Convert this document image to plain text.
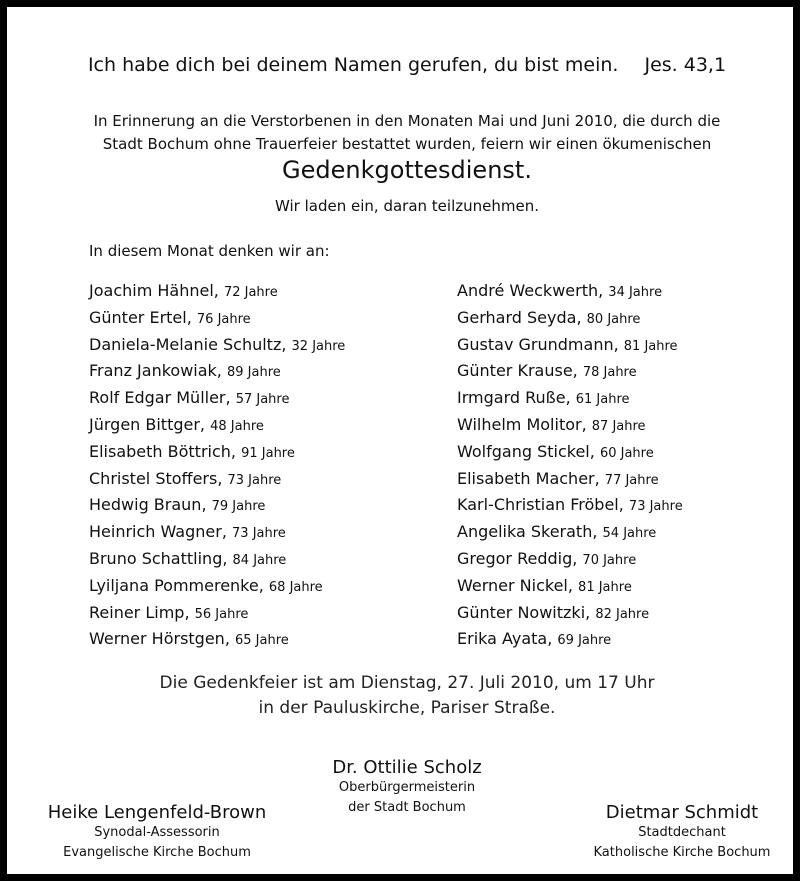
Ich habe dich bei deinem Namen gerufen, du bist mein. Jes. 43,1
In Erinnerung an die Verstorbenen in den Monaten Mai und Juni 2010, die durch die
Stadt Bochum ohne Trauerfeier bestattet wurden, feiern wir einen ökumenischen
Gedenkgottesdienst.
Wir laden ein, daran teilzunehmen.
In diesem Monat denken wir an:
Joachim Hähnel, 72 Jahre
Günter Ertel, 76 Jahre
Daniela-Melanie Schultz, 32 Jahre
Franz Jankowiak, 89 Jahre
Rolf Edgar Müller, 57 Jahre
Jürgen Bittger, 48 Jahre
Elisabeth Böttrich, 91 Jahre
Christel Stoffers, 73 Jahre
Hedwig Braun, 79 Jahre
Heinrich Wagner, 73 Jahre
Bruno Schattling, 84 Jahre
Lyiljana Pommerenke, 68 Jahre
Reiner Limp, 56 Jahre
Werner Hörstgen, 65 Jahre
André Weckwerth, 34 Jahre
Gerhard Seyda, 80 Jahre
Gustav Grundmann, 81 Jahre
Günter Krause, 78 Jahre
Irmgard Ruße, 61 Jahre
Wilhelm Molitor, 87 Jahre
Wolfgang Stickel, 60 Jahre
Elisabeth Macher, 77 Jahre
Karl-Christian Fröbel, 73 Jahre
Angelika Skerath, 54 Jahre
Gregor Reddig, 70 Jahre
Werner Nickel, 81 Jahre
Günter Nowitzki, 82 Jahre
Erika Ayata, 69 Jahre
Die Gedenkfeier ist am Dienstag, 27. Juli 2010, um 17 Uhr
in der Pauluskirche, Pariser Straße.
Dr. Ottilie Scholz
Oberbürgermeisterin
der Stadt Bochum
Heike Lengenfeld-Brown
Synodal-Assessorin
Evangelische Kirche Bochum
Dietmar Schmidt
Stadtdechant
Katholische Kirche Bochum
